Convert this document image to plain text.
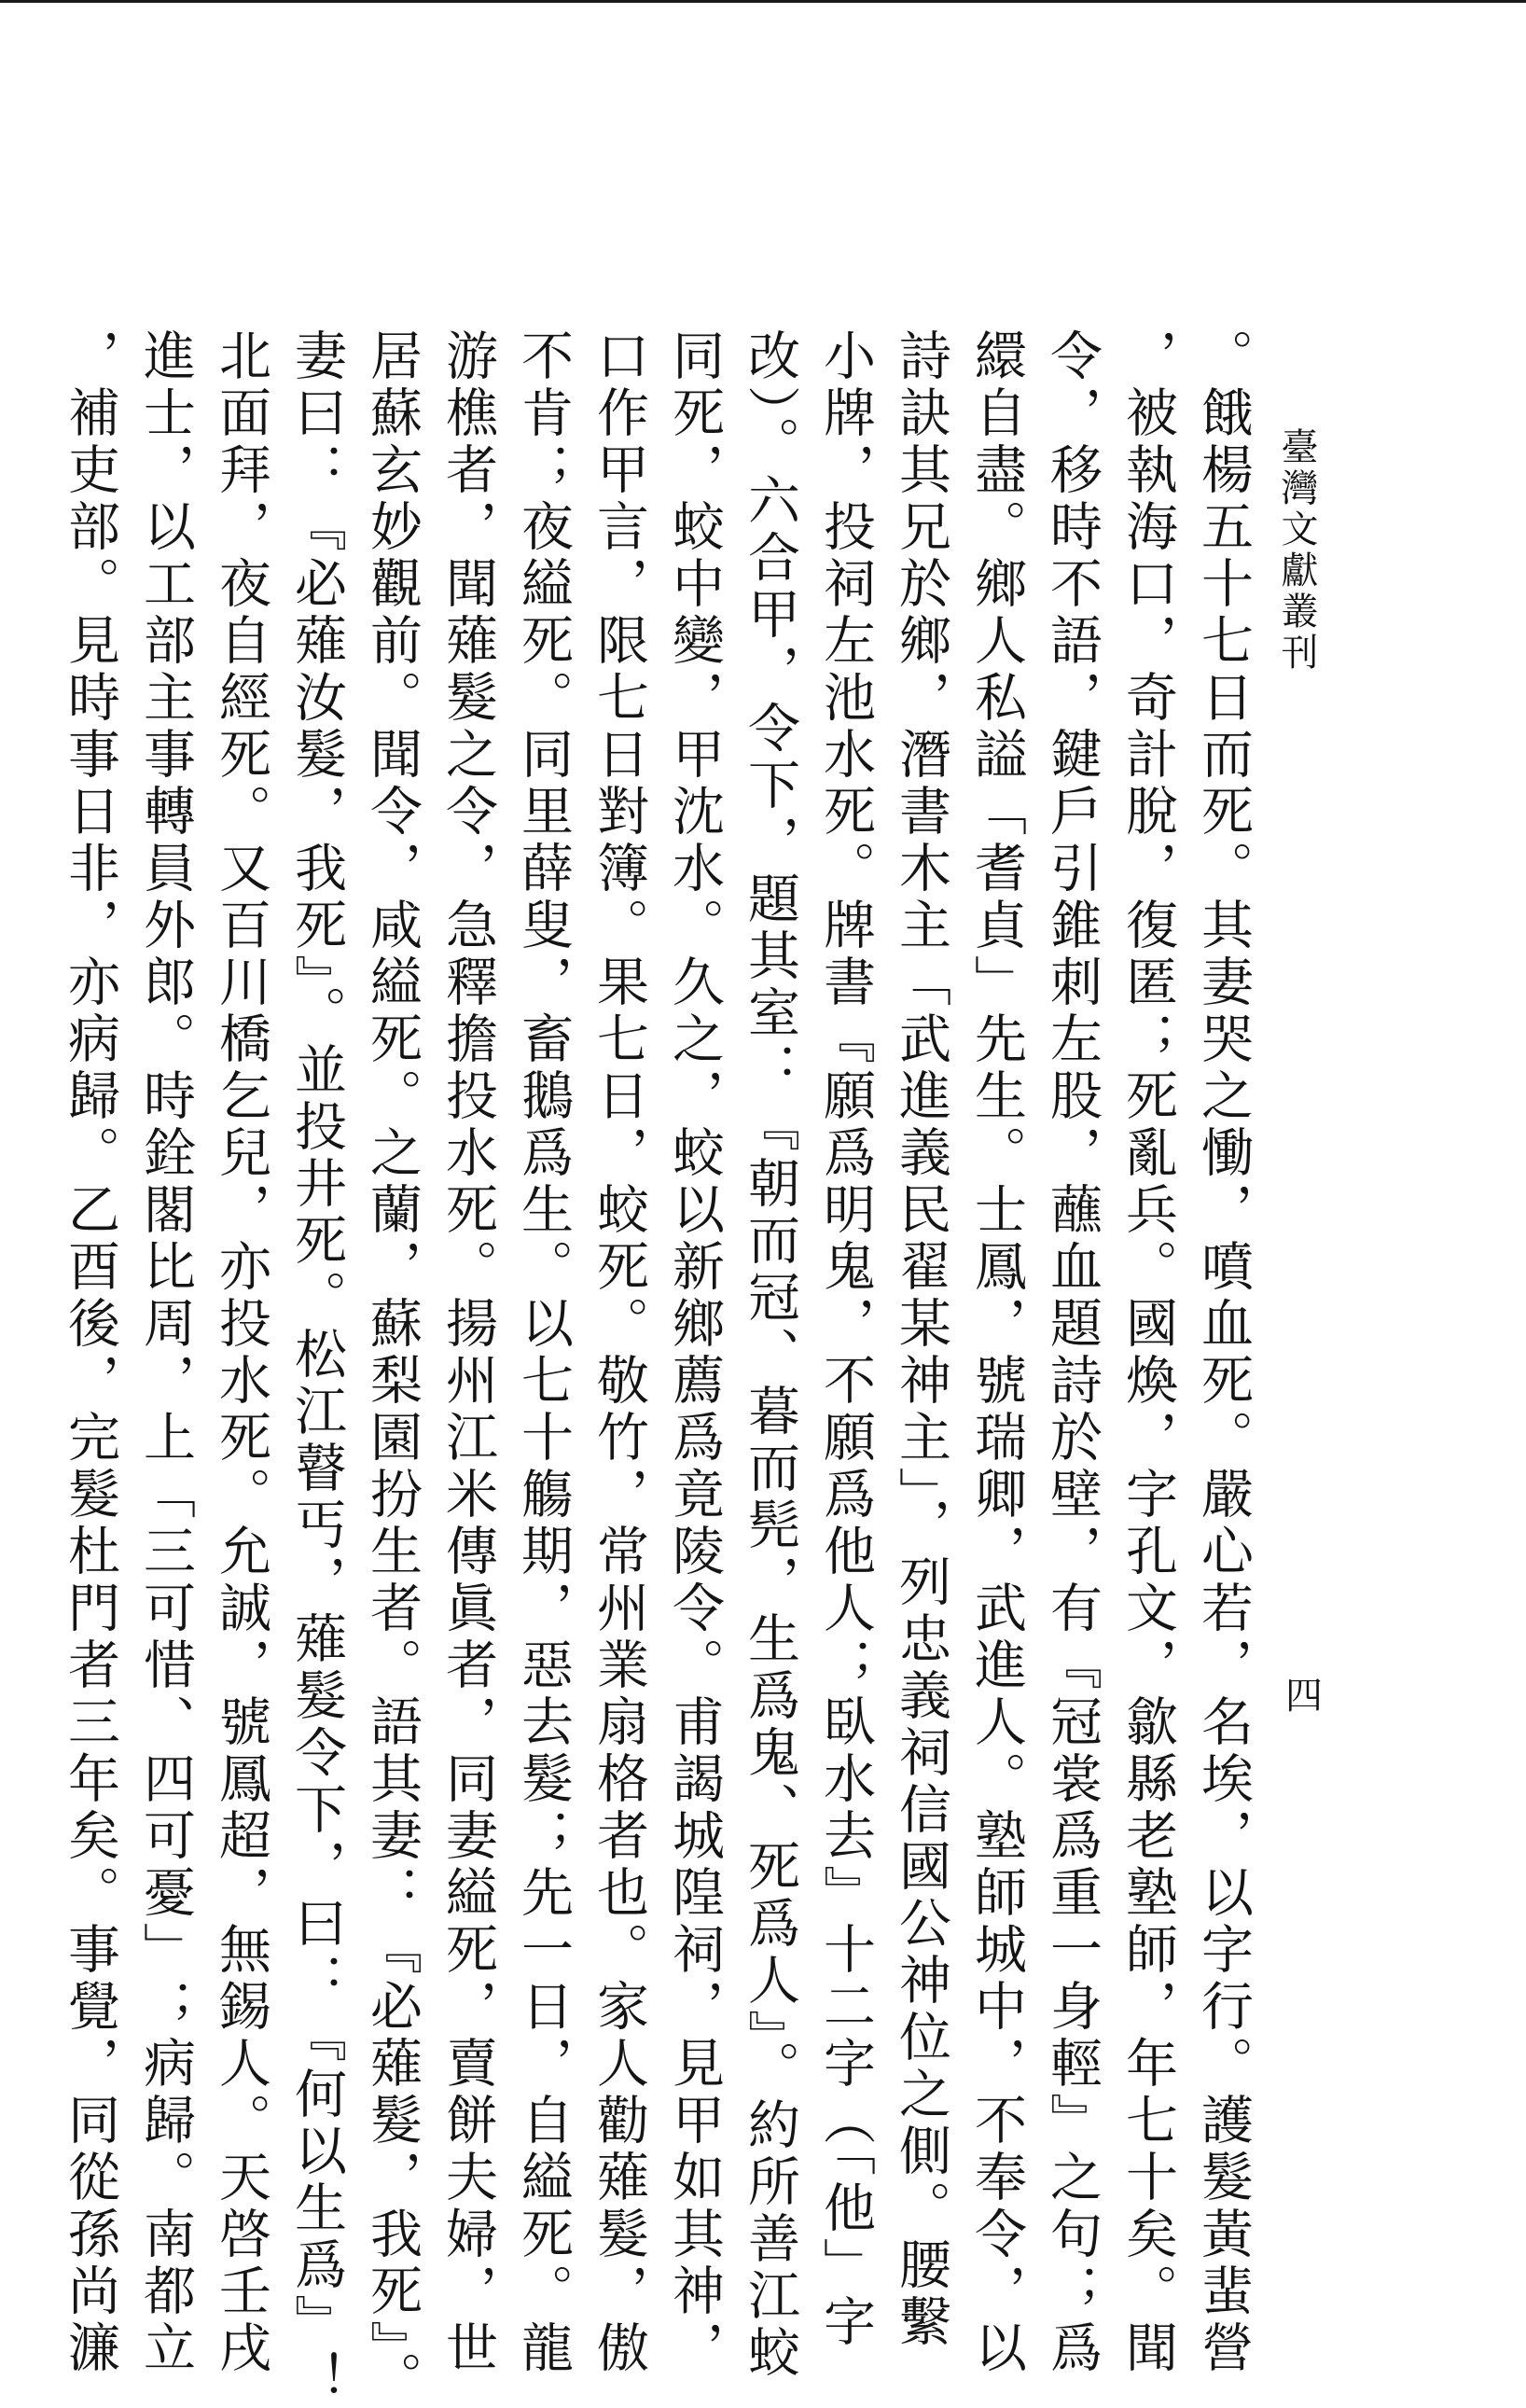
臺灣文獻叢刊
四
。餓楊五十七日而死。其妻哭之慟，噴血死。嚴心若，名埃，以字行。護髮黃蜚營
，被執海口，奇計脫，復匿；死亂兵。國煥，字孔文，歙縣老塾師，年七十矣。聞
令，移時不語，鍵戶引錐刺左股，蘸血題詩於壁，有『冠裳爲重一身輕』之句；爲
繯自盡。鄉人私謚「耆貞」先生。士鳳，號瑞卿，武進人。塾師城中，不奉令，以
詩訣其兄於鄉，潛書木主「武進義民翟某神主」，列忠義祠信國公神位之側。腰繫
小牌，投祠左池水死。牌書『願爲明鬼，不願爲他人；臥水去』十二字（「他」字
改）。六合甲，令下，題其室：『朝而冠、暮而髡，生爲鬼、死爲人』。約所善江蛟
同死，蛟中變，甲沈水。久之，蛟以新鄉薦爲竟陵令。甫謁城隍祠，見甲如其神，
口作甲言，限七日對簿。果七日，蛟死。敬竹，常州業扇格者也。家人勸薙髮，傲
不肯；夜縊死。同里薛叟，畜鵝爲生。以七十觴期，惡去髮；先一日，自縊死。龍
游樵者，聞薙髮之令，急釋擔投水死。揚州江米傳眞者，同妻縊死，賣餅夫婦，世
居蘇玄妙觀前。聞令，咸縊死。之蘭，蘇梨園扮生者。語其妻：『必薙髮，我死』。
妻曰：『必薙汝髮，我死』。並投井死。松江瞽丐，薙髮令下，曰：『何以生爲』！
北面拜，夜自經死。又百川橋乞兒，亦投水死。允誠，號鳳超，無錫人。天啓壬戌
進士，以工部主事轉員外郎。時銓閣比周，上「三可惜、四可憂」；病歸。南都立
，補吏部。見時事日非，亦病歸。乙酉後，完髮杜門者三年矣。事覺，同從孫尚濂
